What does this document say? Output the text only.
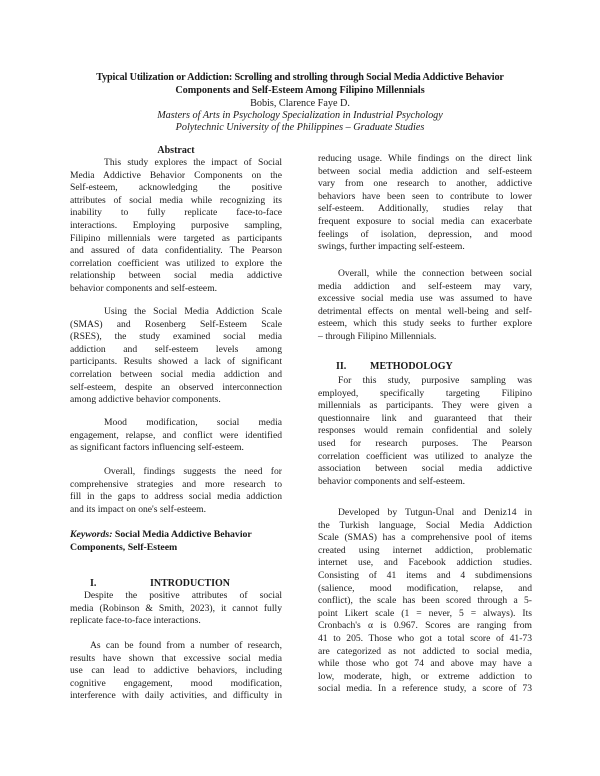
Typical Utilization or Addiction: Scrolling and strolling through Social Media Addictive Behavior
Components and Self-Esteem Among Filipino Millennials
Bobis, Clarence Faye D.
Masters of Arts in Psychology Specialization in Industrial Psychology
Polytechnic University of the Philippines – Graduate Studies
Abstract
This study explores the impact of Social
Media Addictive Behavior Components on the
Self-esteem, acknowledging the positive
attributes of social media while recognizing its
inability to fully replicate face-to-face
interactions. Employing purposive sampling,
Filipino millennials were targeted as participants
and assured of data confidentiality. The Pearson
correlation coefficient was utilized to explore the
relationship between social media addictive
behavior components and self-esteem.
Using the Social Media Addiction Scale
(SMAS) and Rosenberg Self-Esteem Scale
(RSES), the study examined social media
addiction and self-esteem levels among
participants. Results showed a lack of significant
correlation between social media addiction and
self-esteem, despite an observed interconnection
among addictive behavior components.
Mood modification, social media
engagement, relapse, and conflict were identified
as significant factors influencing self-esteem.
Overall, findings suggests the need for
comprehensive strategies and more research to
fill in the gaps to address social media addiction
and its impact on one's self-esteem.
Keywords: Social Media Addictive Behavior
Components, Self-Esteem
I.	INTRODUCTION
Despite the positive attributes of social
media (Robinson & Smith, 2023), it cannot fully
replicate face-to-face interactions.
As can be found from a number of research,
results have shown that excessive social media
use can lead to addictive behaviors, including
cognitive engagement, mood modification,
interference with daily activities, and difficulty in
reducing usage. While findings on the direct link
between social media addiction and self-esteem
vary from one research to another, addictive
behaviors have been seen to contribute to lower
self-esteem. Additionally, studies relay that
frequent exposure to social media can exacerbate
feelings of isolation, depression, and mood
swings, further impacting self-esteem.
Overall, while the connection between social
media addiction and self-esteem may vary,
excessive social media use was assumed to have
detrimental effects on mental well-being and self-
esteem, which this study seeks to further explore
– through Filipino Millennials.
II. METHODOLOGY
For this study, purposive sampling was
employed, specifically targeting Filipino
millennials as participants. They were given a
questionnaire link and guaranteed that their
responses would remain confidential and solely
used for research purposes. The Pearson
correlation coefficient was utilized to analyze the
association between social media addictive
behavior components and self-esteem.
Developed by Tutgun-Ünal and Deniz14 in
the Turkish language, Social Media Addiction
Scale (SMAS) has a comprehensive pool of items
created using internet addiction, problematic
internet use, and Facebook addiction studies.
Consisting of 41 items and 4 subdimensions
(salience, mood modification, relapse, and
conflict), the scale has been scored through a 5-
point Likert scale (1 = never, 5 = always). Its
Cronbach's α is 0.967. Scores are ranging from
41 to 205. Those who got a total score of 41-73
are categorized as not addicted to social media,
while those who got 74 and above may have a
low, moderate, high, or extreme addiction to
social media. In a reference study, a score of 73
